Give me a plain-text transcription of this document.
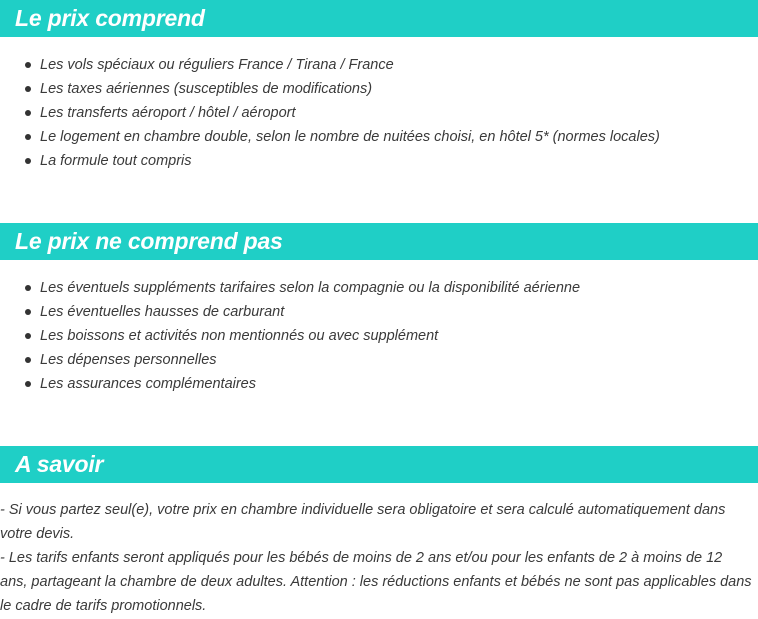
Le prix comprend
Les vols spéciaux ou réguliers France / Tirana / France
Les taxes aériennes (susceptibles de modifications)
Les transferts aéroport / hôtel / aéroport
Le logement en chambre double, selon le nombre de nuitées choisi, en hôtel 5* (normes locales)
La formule tout compris
Le prix ne comprend pas
Les éventuels suppléments tarifaires selon la compagnie ou la disponibilité aérienne
Les éventuelles hausses de carburant
Les boissons et activités non mentionnés ou avec supplément
Les dépenses personnelles
Les assurances complémentaires
A savoir

- Si vous partez seul(e), votre prix en chambre individuelle sera obligatoire et sera calculé automatiquement dans votre devis.

- Les tarifs enfants seront appliqués pour les bébés de moins de 2 ans et/ou pour les enfants de 2 à moins de 12 ans, partageant la chambre de deux adultes. Attention : les réductions enfants et bébés ne sont pas applicables dans le cadre de tarifs promotionnels.
